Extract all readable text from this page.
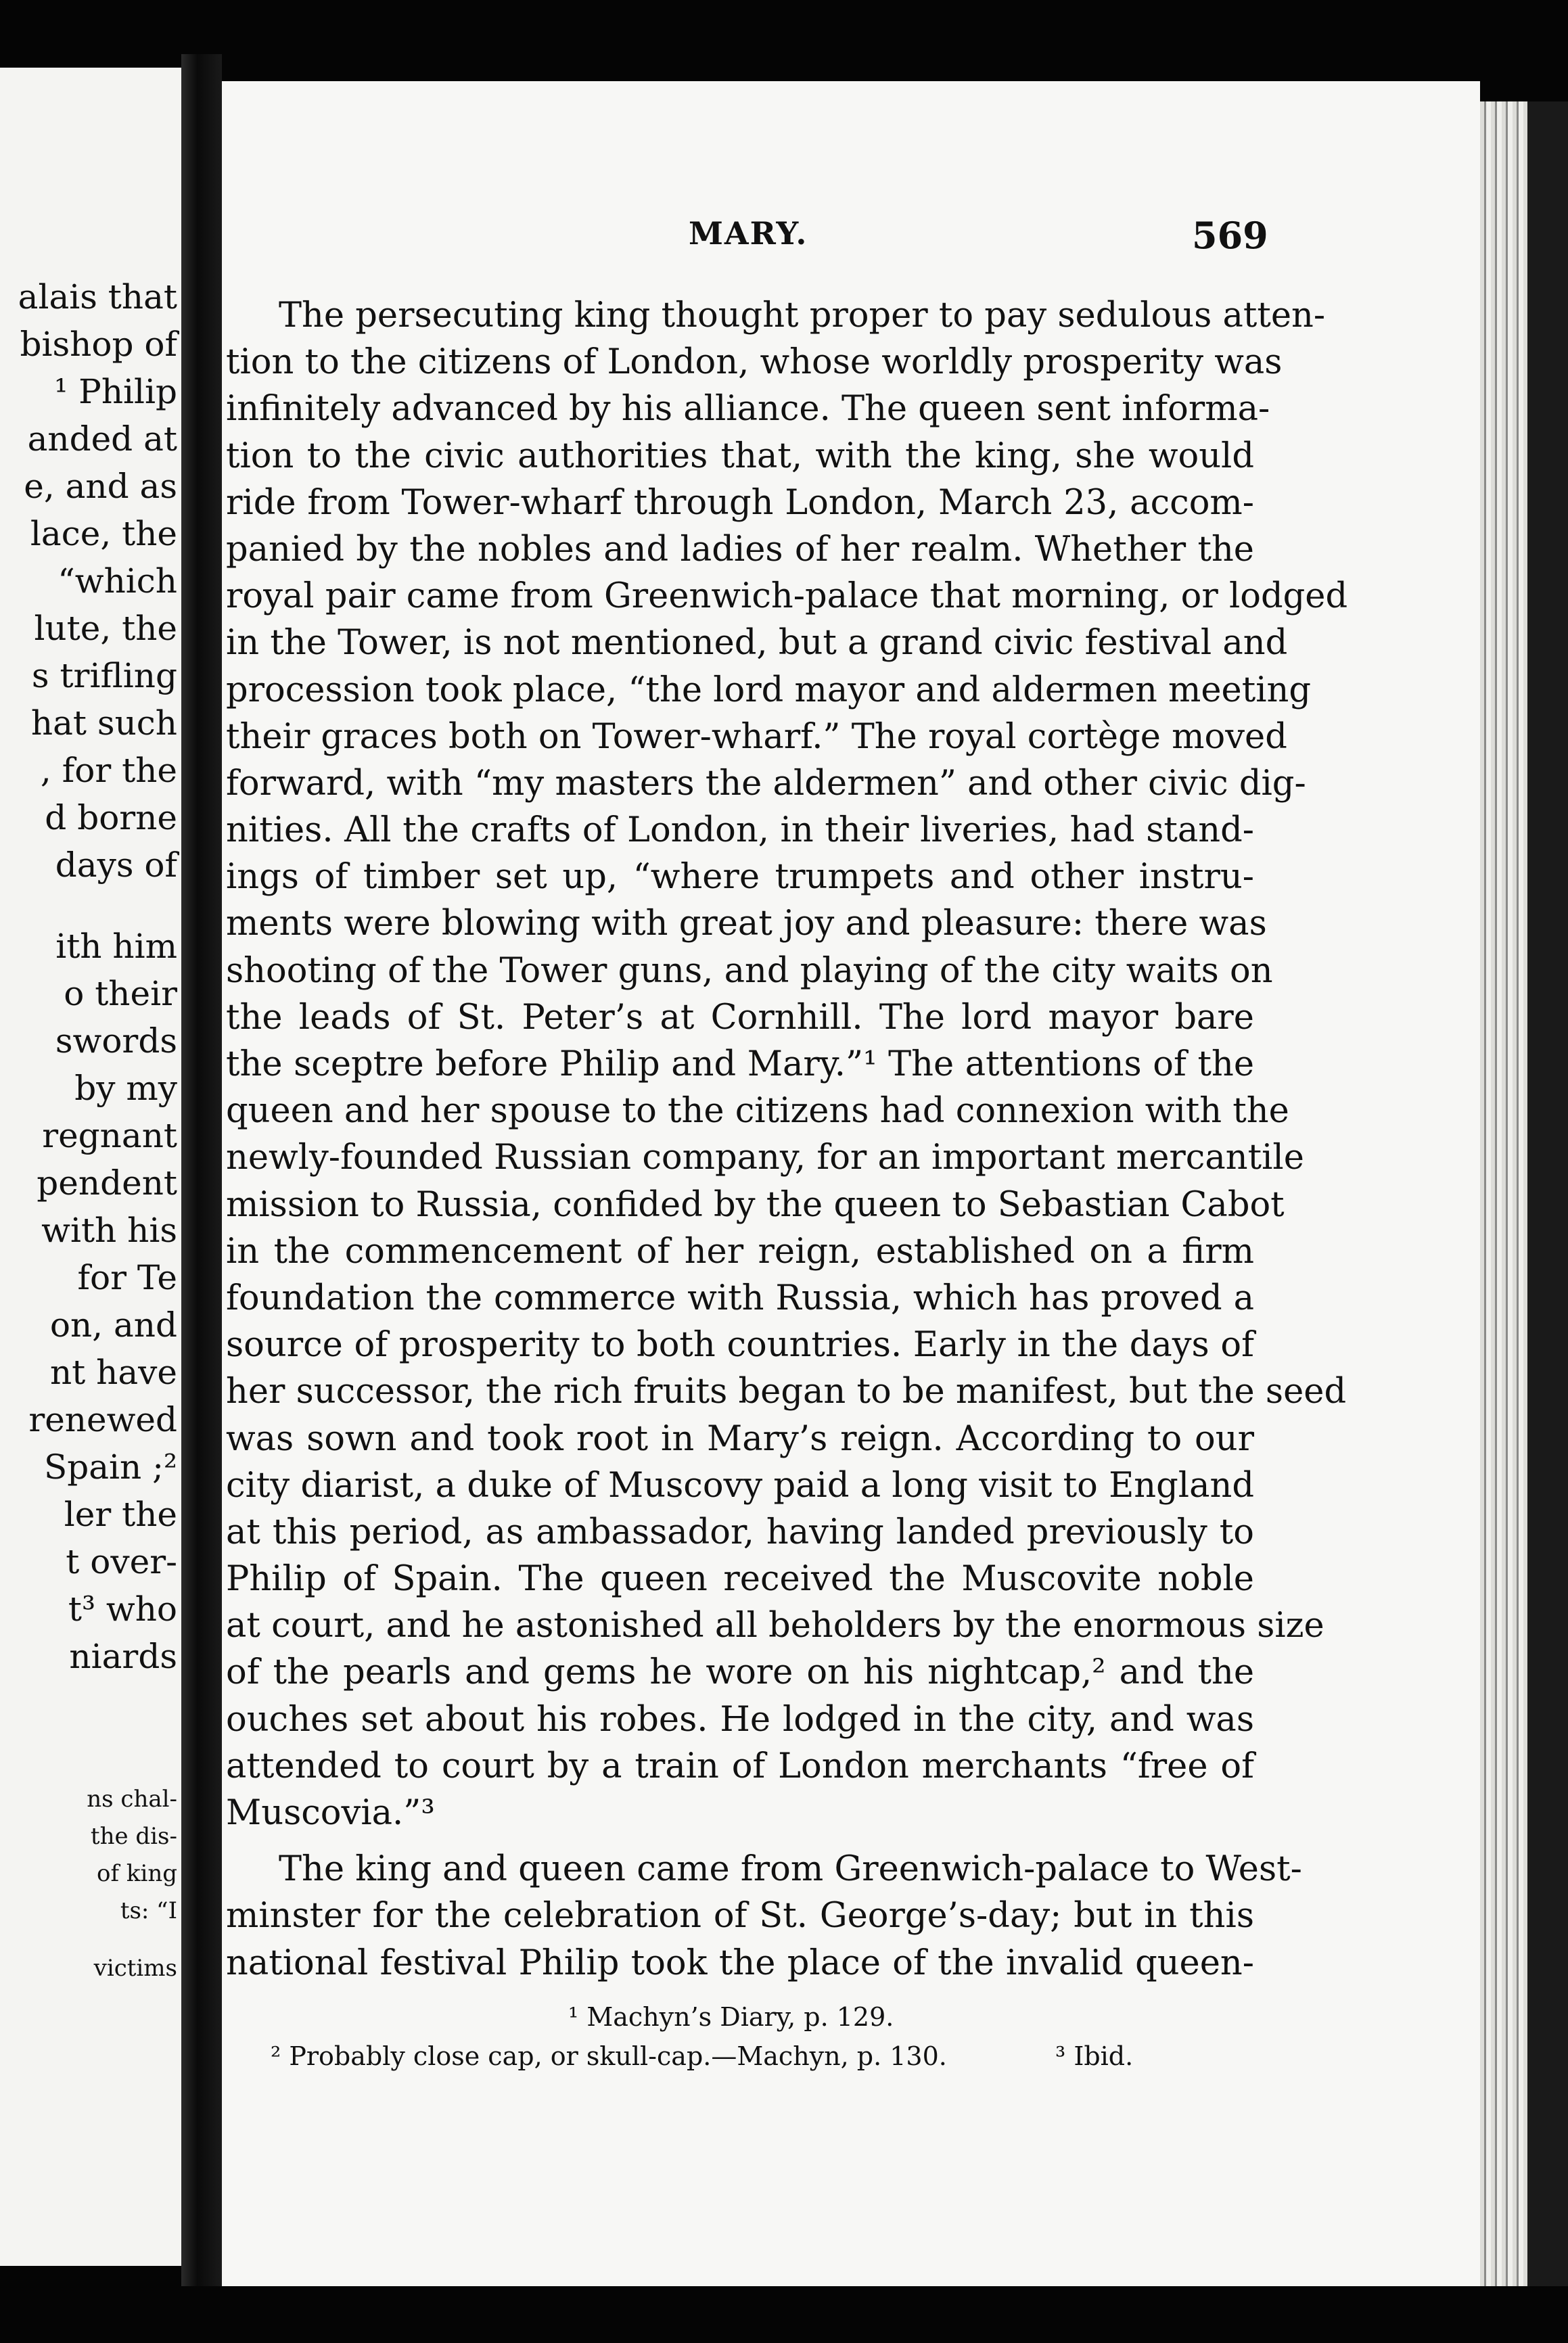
alais that
bishop of
¹ Philip
anded at
e, and as
lace, the
“which
lute, the
s trifling
hat such
, for the
d borne
days of
ith him
o their
swords
by my
regnant
pendent
with his
for Te
on, and
nt have
renewed
Spain ;²
ler the
t over-
t³ who
niards
ns chal-
the dis-
of king
ts: “I
victims
MARY.	569
The persecuting king thought proper to pay sedulous atten-
tion to the citizens of London, whose worldly prosperity was
infinitely advanced by his alliance. The queen sent informa-
tion to the civic authorities that, with the king, she would
ride from Tower-wharf through London, March 23, accom-
panied by the nobles and ladies of her realm. Whether the
royal pair came from Greenwich-palace that morning, or lodged
in the Tower, is not mentioned, but a grand civic festival and
procession took place, “the lord mayor and aldermen meeting
their graces both on Tower-wharf.” The royal cortège moved
forward, with “my masters the aldermen” and other civic dig-
nities. All the crafts of London, in their liveries, had stand-
ings of timber set up, “where trumpets and other instru-
ments were blowing with great joy and pleasure: there was
shooting of the Tower guns, and playing of the city waits on
the leads of St. Peter’s at Cornhill. The lord mayor bare
the sceptre before Philip and Mary.”¹ The attentions of the
queen and her spouse to the citizens had connexion with the
newly-founded Russian company, for an important mercantile
mission to Russia, confided by the queen to Sebastian Cabot
in the commencement of her reign, established on a firm
foundation the commerce with Russia, which has proved a
source of prosperity to both countries. Early in the days of
her successor, the rich fruits began to be manifest, but the seed
was sown and took root in Mary’s reign. According to our
city diarist, a duke of Muscovy paid a long visit to England
at this period, as ambassador, having landed previously to
Philip of Spain. The queen received the Muscovite noble
at court, and he astonished all beholders by the enormous size
of the pearls and gems he wore on his nightcap,² and the
ouches set about his robes. He lodged in the city, and was
attended to court by a train of London merchants “free of
Muscovia.”³
The king and queen came from Greenwich-palace to West-
minster for the celebration of St. George’s-day; but in this
national festival Philip took the place of the invalid queen-
¹ Machyn’s Diary, p. 129.
² Probably close cap, or skull-cap.—Machyn, p. 130.	³ Ibid.
